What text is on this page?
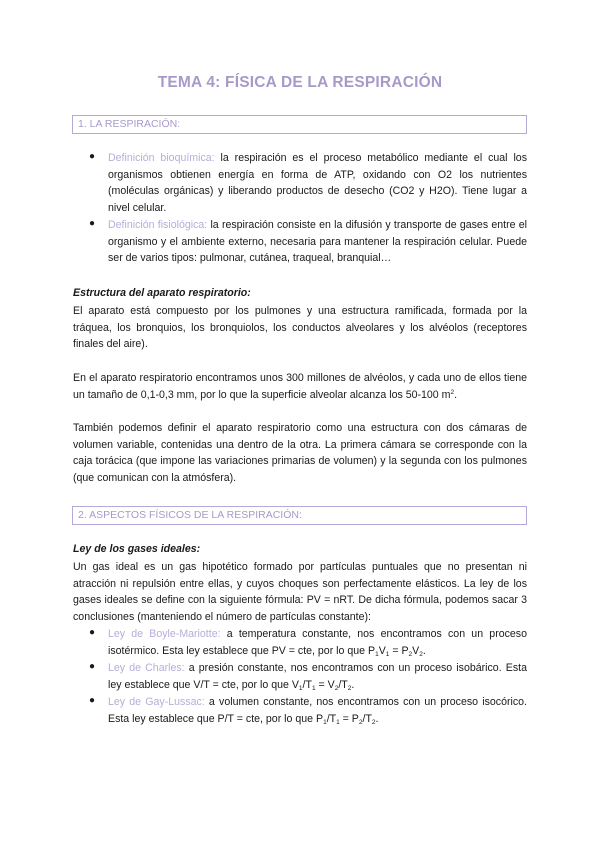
TEMA 4: FÍSICA DE LA RESPIRACIÓN
1. LA RESPIRACIÓN:
● Definición bioquímica: la respiración es el proceso metabólico mediante el cual los organismos obtienen energía en forma de ATP, oxidando con O2 los nutrientes (moléculas orgánicas) y liberando productos de desecho (CO2 y H2O). Tiene lugar a nivel celular.

● Definición fisiológica: la respiración consiste en la difusión y transporte de gases entre el organismo y el ambiente externo, necesaria para mantener la respiración celular. Puede ser de varios tipos: pulmonar, cutánea, traqueal, branquial…

Estructura del aparato respiratorio:

El aparato está compuesto por los pulmones y una estructura ramificada, formada por la tráquea, los bronquios, los bronquiolos, los conductos alveolares y los alvéolos (receptores finales del aire).

En el aparato respiratorio encontramos unos 300 millones de alvéolos, y cada uno de ellos tiene un tamaño de 0,1-0,3 mm, por lo que la superficie alveolar alcanza los 50-100 $m^2$.

También podemos definir el aparato respiratorio como una estructura con dos cámaras de volumen variable, contenidas una dentro de la otra. La primera cámara se corresponde con la caja torácica (que impone las variaciones primarias de volumen) y la segunda con los pulmones (que comunican con la atmósfera).

2. ASPECTOS FÍSICOS DE LA RESPIRACIÓN:
Ley de los gases ideales:

Un gas ideal es un gas hipotético formado por partículas puntuales que no presentan ni atracción ni repulsión entre ellas, y cuyos choques son perfectamente elásticos. La ley de los gases ideales se define con la siguiente fórmula: PV = nRT. De dicha fórmula, podemos sacar 3 conclusiones (manteniendo el número de partículas constante):

● Ley de Boyle-Mariotte: a temperatura constante, nos encontramos con un proceso isotérmico. Esta ley establece que PV = cte, por lo que $P_1V_1 = P_2V_2$.

● Ley de Charles: a presión constante, nos encontramos con un proceso isobárico. Esta ley establece que V/T = cte, por lo que $V_1/T_1 = V_2/T_2$.

● Ley de Gay-Lussac: a volumen constante, nos encontramos con un proceso isocórico. Esta ley establece que P/T = cte, por lo que $P_1/T_1 = P_2/T_2$.
